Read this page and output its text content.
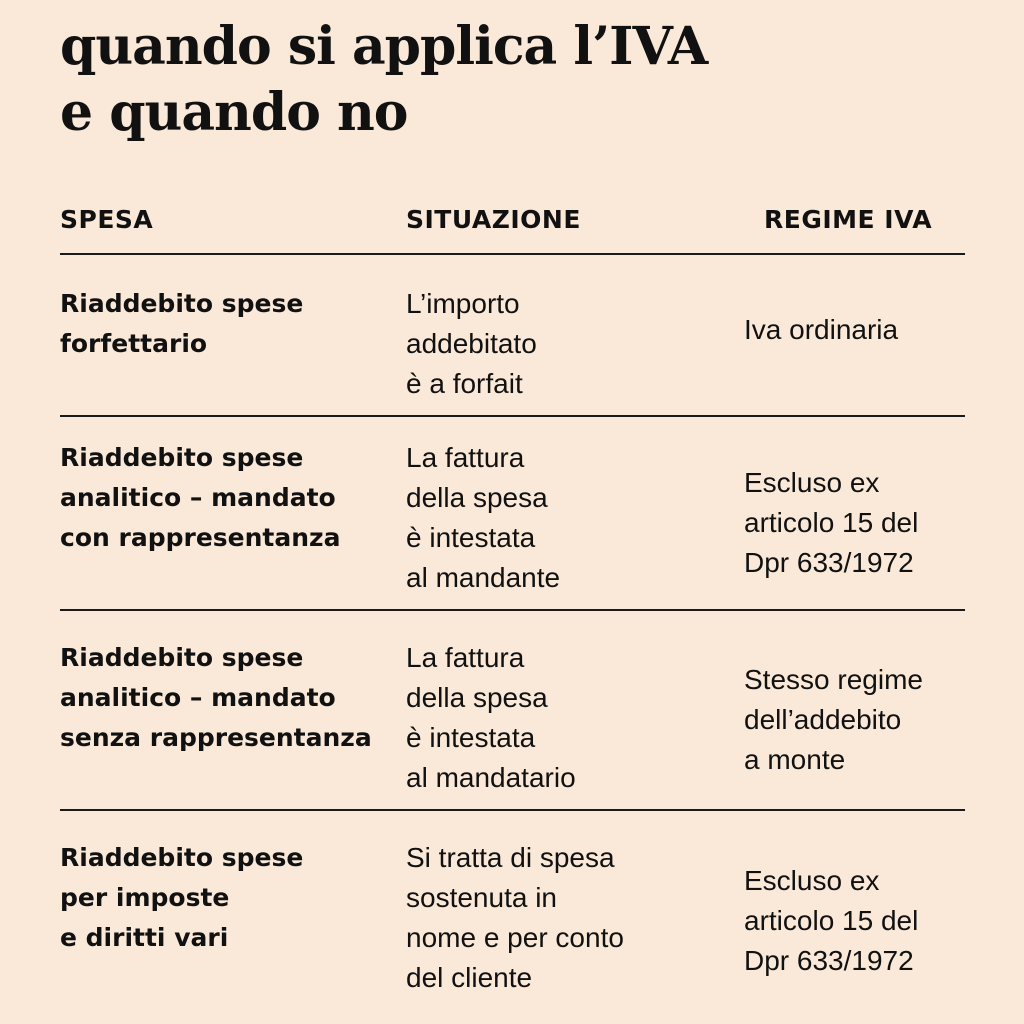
quando si applica l’IVA
e quando no
SPESA	SITUAZIONE	REGIME IVA
Riaddebito spese
forfettario
L’importo
addebitato
è a forfait
Iva ordinaria
Riaddebito spese
analitico – mandato
con rappresentanza
La fattura
della spesa
è intestata
al mandante
Escluso ex
articolo 15 del
Dpr 633/1972
Riaddebito spese
analitico – mandato
senza rappresentanza
La fattura
della spesa
è intestata
al mandatario
Stesso regime
dell’addebito
a monte
Riaddebito spese
per imposte
e diritti vari
Si tratta di spesa
sostenuta in
nome e per conto
del cliente
Escluso ex
articolo 15 del
Dpr 633/1972
